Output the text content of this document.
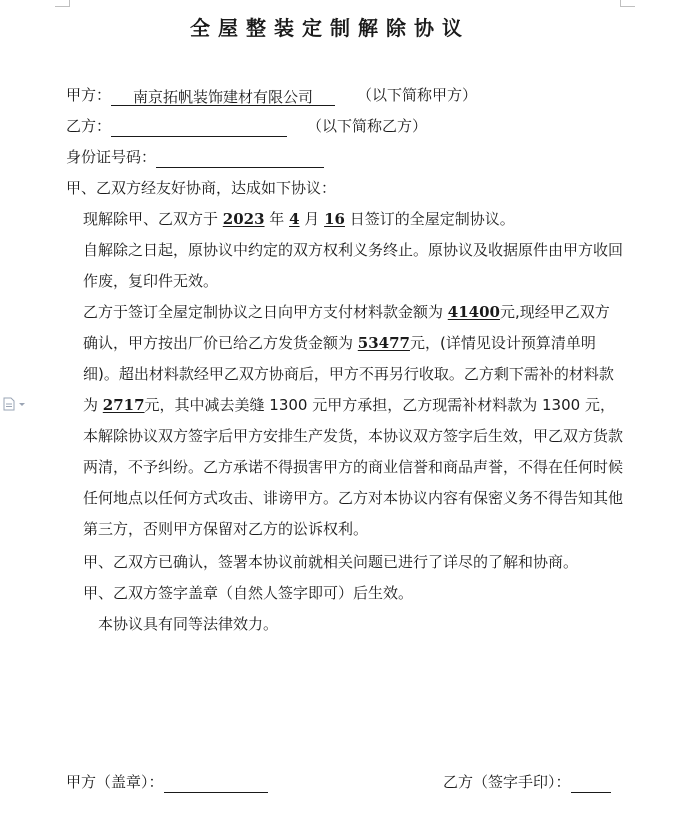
全屋整装定制解除协议
甲方： 南京拓帆装饰建材有限公司	（以下简称甲方）
乙方：	（以下简称乙方）
身份证号码：
甲、乙双方经友好协商，达成如下协议：
现解除甲、乙双方于 2023 年 4 月 16 日签订的全屋定制协议。
自解除之日起，原协议中约定的双方权利义务终止。原协议及收据原件由甲方收回作废，复印件无效。
乙方于签订全屋定制协议之日向甲方支付材料款金额为 41400元,现经甲乙双方确认，甲方按出厂价已给乙方发货金额为 53477元，(详情见设计预算清单明细)。超出材料款经甲乙双方协商后，甲方不再另行收取。乙方剩下需补的材料款为 2717元，其中减去美缝 1300 元甲方承担，乙方现需补材料款为 1300 元，本解除协议双方签字后甲方安排生产发货，本协议双方签字后生效，甲乙双方货款两清，不予纠纷。乙方承诺不得损害甲方的商业信誉和商品声誉，不得在任何时候任何地点以任何方式攻击、诽谤甲方。乙方对本协议内容有保密义务不得告知其他第三方，否则甲方保留对乙方的讼诉权利。
甲、乙双方已确认，签署本协议前就相关问题已进行了详尽的了解和协商。
甲、乙双方签字盖章（自然人签字即可）后生效。
本协议具有同等法律效力。
甲方（盖章）：	乙方（签字手印）：
